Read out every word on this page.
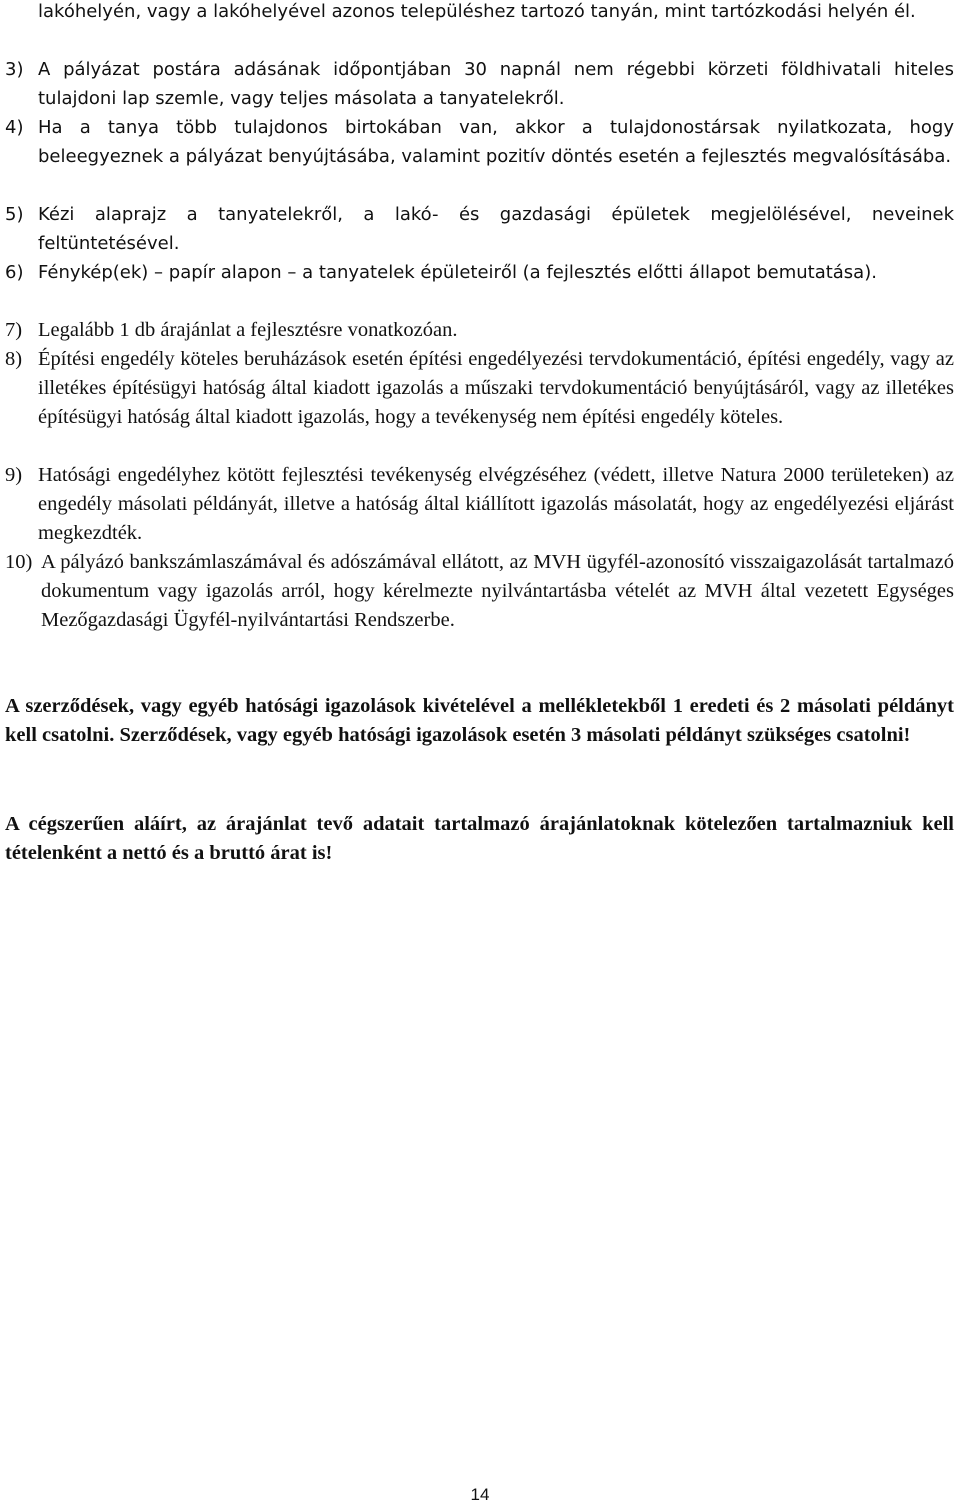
lakóhelyén, vagy a lakóhelyével azonos településhez tartozó tanyán, mint tartózkodási helyén él.
3) A pályázat postára adásának időpontjában 30 napnál nem régebbi körzeti földhivatali hiteles tulajdoni lap szemle, vagy teljes másolata a tanyatelekről.
4) Ha a tanya több tulajdonos birtokában van, akkor a tulajdonostársak nyilatkozata, hogy beleegyeznek a pályázat benyújtásába, valamint pozitív döntés esetén a fejlesztés megvalósításába.
5) Kézi alaprajz a tanyatelekről, a lakó- és gazdasági épületek megjelölésével, neveinek feltüntetésével.
6) Fénykép(ek) – papír alapon – a tanyatelek épületeiről (a fejlesztés előtti állapot bemutatása).
7) Legalább 1 db árajánlat a fejlesztésre vonatkozóan.
8) Építési engedély köteles beruházások esetén építési engedélyezési tervdokumentáció, építési engedély, vagy az illetékes építésügyi hatóság által kiadott igazolás a műszaki tervdokumentáció benyújtásáról, vagy az illetékes építésügyi hatóság által kiadott igazolás, hogy a tevékenység nem építési engedély köteles.
9) Hatósági engedélyhez kötött fejlesztési tevékenység elvégzéséhez (védett, illetve Natura 2000 területeken) az engedély másolati példányát, illetve a hatóság által kiállított igazolás másolatát, hogy az engedélyezési eljárást megkezdték.
10) A pályázó bankszámlaszámával és adószámával ellátott, az MVH ügyfél-azonosító visszaigazolását tartalmazó dokumentum vagy igazolás arról, hogy kérelmezte nyilvántartásba vételét az MVH által vezetett Egységes Mezőgazdasági Ügyfél-nyilvántartási Rendszerbe.
A szerződések, vagy egyéb hatósági igazolások kivételével a mellékletekből 1 eredeti és 2 másolati példányt kell csatolni. Szerződések, vagy egyéb hatósági igazolások esetén 3 másolati példányt szükséges csatolni!
A cégszerűen aláírt, az árajánlat tevő adatait tartalmazó árajánlatoknak kötelezően tartalmazniuk kell tételenként a nettó és a bruttó árat is!
14
